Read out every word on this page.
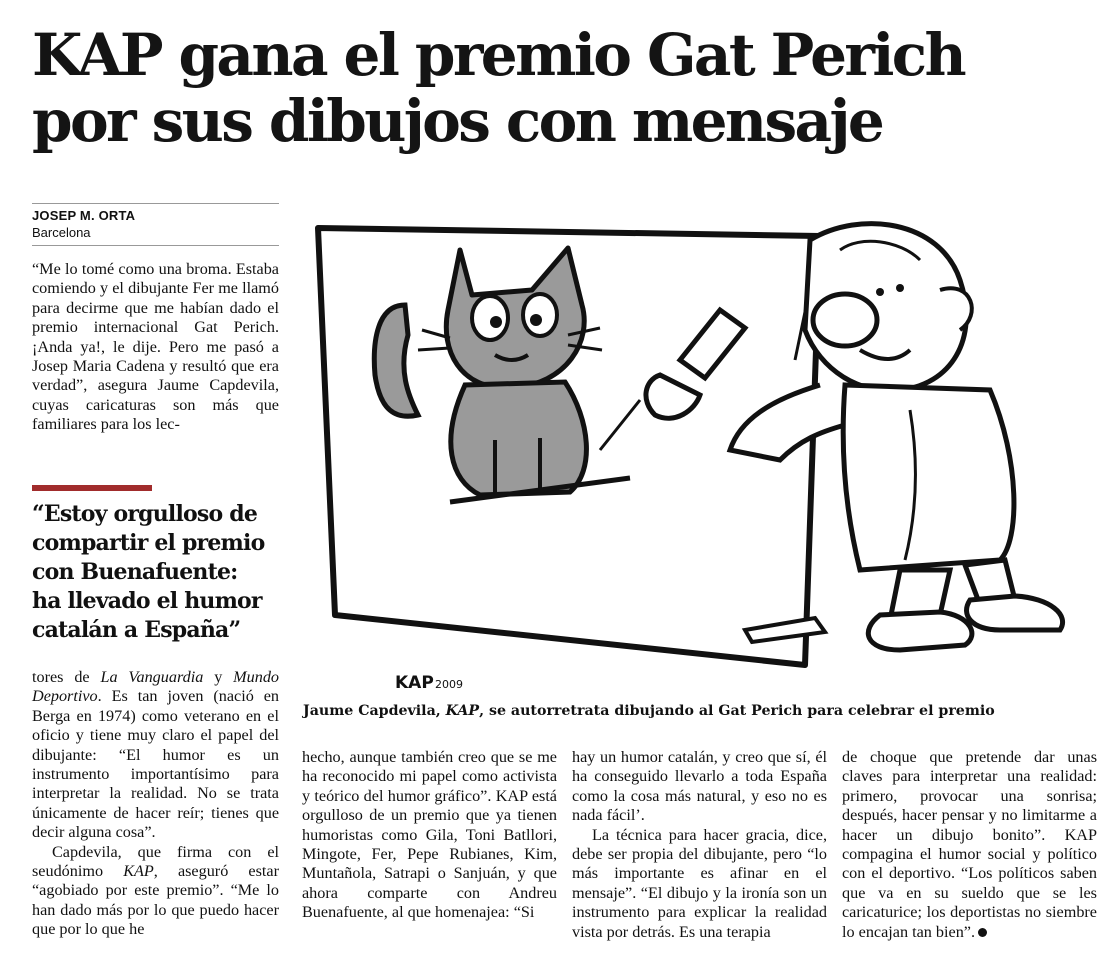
KAP gana el premio Gat Perich
por sus dibujos con mensaje
JOSEP M. ORTA
Barcelona

“Me lo tomé como una broma. Estaba comiendo y el dibujante Fer me llamó para decirme que me habían dado el premio internacional Gat Perich. ¡Anda ya!, le dije. Pero me pasó a Josep Maria Cadena y resultó que era verdad”, asegura Jaume Capdevila, cuyas caricaturas son más que familiares para los lec-

“Estoy orgulloso de
compartir el premio
con Buenafuente:
ha llevado el humor
catalán a España”

tores de La Vanguardia y Mundo Deportivo. Es tan joven (nació en Berga en 1974) como veterano en el oficio y tiene muy claro el papel del dibujante: “El humor es un instrumento importantísimo para interpretar la realidad. No se trata únicamente de hacer reír; tienes que decir alguna cosa”.

Capdevila, que firma con el seudónimo KAP, aseguró estar “agobiado por este premio”. “Me lo han dado más por lo que puedo hacer que por lo que he

KAP 2009
Jaume Capdevila, KAP, se autorretrata dibujando al Gat Perich para celebrar el premio

hecho, aunque también creo que se me ha reconocido mi papel como activista y teórico del humor gráfico”. KAP está orgulloso de un premio que ya tienen humoristas como Gila, Toni Batllori, Mingote, Fer, Pepe Rubianes, Kim, Muntañola, Satrapi o Sanjuán, y que ahora comparte con Andreu Buenafuente, al que homenajea: “Si

hay un humor catalán, y creo que sí, él ha conseguido llevarlo a toda España como la cosa más natural, y eso no es nada fácil’.

La técnica para hacer gracia, dice, debe ser propia del dibujante, pero “lo más importante es afinar en el mensaje”. “El dibujo y la ironía son un instrumento para explicar la realidad vista por detrás. Es una terapia

de choque que pretende dar unas claves para interpretar una realidad: primero, provocar una sonrisa; después, hacer pensar y no limitarme a hacer un dibujo bonito”. KAP compagina el humor social y político con el deportivo. “Los políticos saben que va en su sueldo que se les caricaturice; los deportistas no siembre lo encajan tan bien”.
